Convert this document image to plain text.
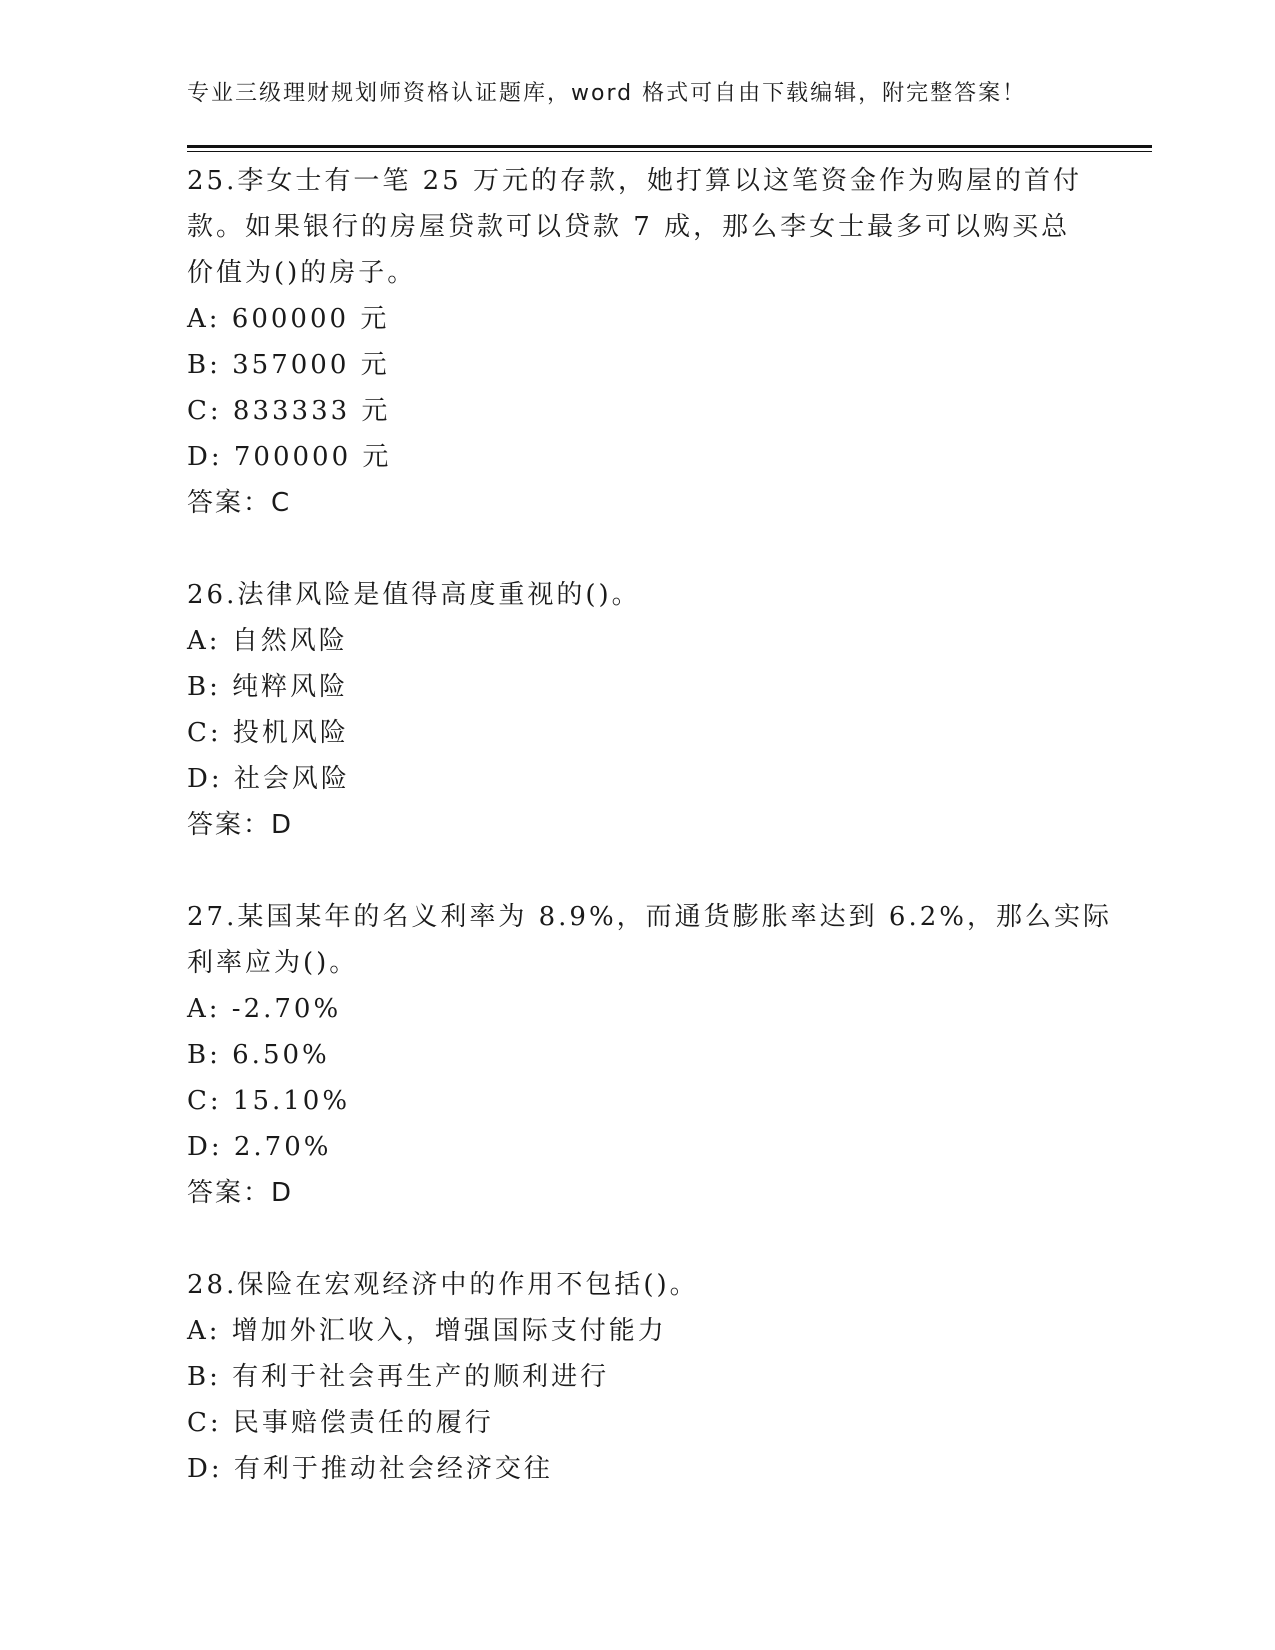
专业三级理财规划师资格认证题库，word 格式可自由下载编辑，附完整答案！
25.李女士有一笔 25 万元的存款，她打算以这笔资金作为购屋的首付
款。如果银行的房屋贷款可以贷款 7 成，那么李女士最多可以购买总
价值为()的房子。
A: 600000 元
B: 357000 元
C: 833333 元
D: 700000 元
答案：C
26.法律风险是值得高度重视的()。
A: 自然风险
B: 纯粹风险
C: 投机风险
D: 社会风险
答案：D
27.某国某年的名义利率为 8.9%，而通货膨胀率达到 6.2%，那么实际
利率应为()。
A: -2.70%
B: 6.50%
C: 15.10%
D: 2.70%
答案：D
28.保险在宏观经济中的作用不包括()。
A: 增加外汇收入，增强国际支付能力
B: 有利于社会再生产的顺利进行
C: 民事赔偿责任的履行
D: 有利于推动社会经济交往
